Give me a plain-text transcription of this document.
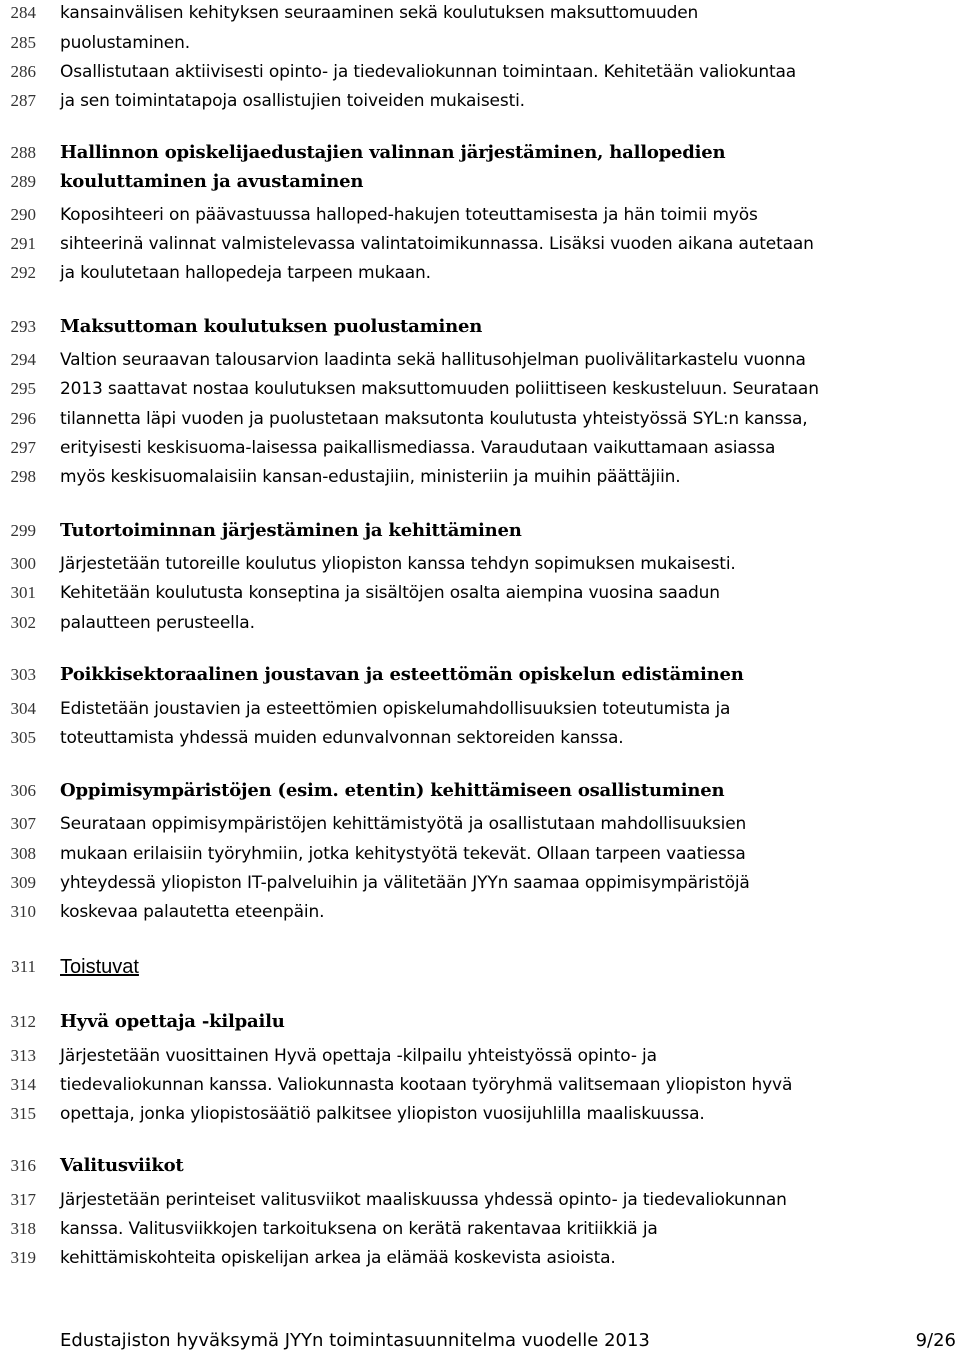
284 kansainvälisen kehityksen seuraaminen sekä koulutuksen maksuttomuuden
285 puolustaminen.
286 Osallistutaan aktiivisesti opinto- ja tiedevaliokunnan toimintaan. Kehitetään valiokuntaa
287 ja sen toimintatapoja osallistujien toiveiden mukaisesti.
288 Hallinnon opiskelijaedustajien valinnan järjestäminen, hallopedien
289 kouluttaminen ja avustaminen
290 Koposihteeri on päävastuussa halloped-hakujen toteuttamisesta ja hän toimii myös
291 sihteerinä valinnat valmistelevassa valintatoimikunnassa. Lisäksi vuoden aikana autetaan
292 ja koulutetaan hallopedeja tarpeen mukaan.
293 Maksuttoman koulutuksen puolustaminen
294 Valtion seuraavan talousarvion laadinta sekä hallitusohjelman puolivälitarkastelu vuonna
295 2013 saattavat nostaa koulutuksen maksuttomuuden poliittiseen keskusteluun. Seurataan
296 tilannetta läpi vuoden ja puolustetaan maksutonta koulutusta yhteistyössä SYL:n kanssa,
297 erityisesti keskisuoma-laisessa paikallismediassa. Varaudutaan vaikuttamaan asiassa
298 myös keskisuomalaisiin kansan-edustajiin, ministeriin ja muihin päättäjiin.
299 Tutortoiminnan järjestäminen ja kehittäminen
300 Järjestetään tutoreille koulutus yliopiston kanssa tehdyn sopimuksen mukaisesti.
301 Kehitetään koulutusta konseptina ja sisältöjen osalta aiempina vuosina saadun
302 palautteen perusteella.
303 Poikkisektoraalinen joustavan ja esteettömän opiskelun edistäminen
304 Edistetään joustavien ja esteettömien opiskelumahdollisuuksien toteutumista ja
305 toteuttamista yhdessä muiden edunvalvonnan sektoreiden kanssa.
306 Oppimisympäristöjen (esim. etentin) kehittämiseen osallistuminen
307 Seurataan oppimisympäristöjen kehittämistyötä ja osallistutaan mahdollisuuksien
308 mukaan erilaisiin työryhmiin, jotka kehitystyötä tekevät. Ollaan tarpeen vaatiessa
309 yhteydessä yliopiston IT-palveluihin ja välitetään JYYn saamaa oppimisympäristöjä
310 koskevaa palautetta eteenpäin.
311 Toistuvat
312 Hyvä opettaja -kilpailu
313 Järjestetään vuosittainen Hyvä opettaja -kilpailu yhteistyössä opinto- ja
314 tiedevaliokunnan kanssa. Valiokunnasta kootaan työryhmä valitsemaan yliopiston hyvä
315 opettaja, jonka yliopistosäätiö palkitsee yliopiston vuosijuhlilla maaliskuussa.
316 Valitusviikot
317 Järjestetään perinteiset valitusviikot maaliskuussa yhdessä opinto- ja tiedevaliokunnan
318 kanssa. Valitusviikkojen tarkoituksena on kerätä rakentavaa kritiikkiä ja
319 kehittämiskohteita opiskelijan arkea ja elämää koskevista asioista.
Edustajiston hyväksymä JYYn toimintasuunnitelma vuodelle 2013	9/26
